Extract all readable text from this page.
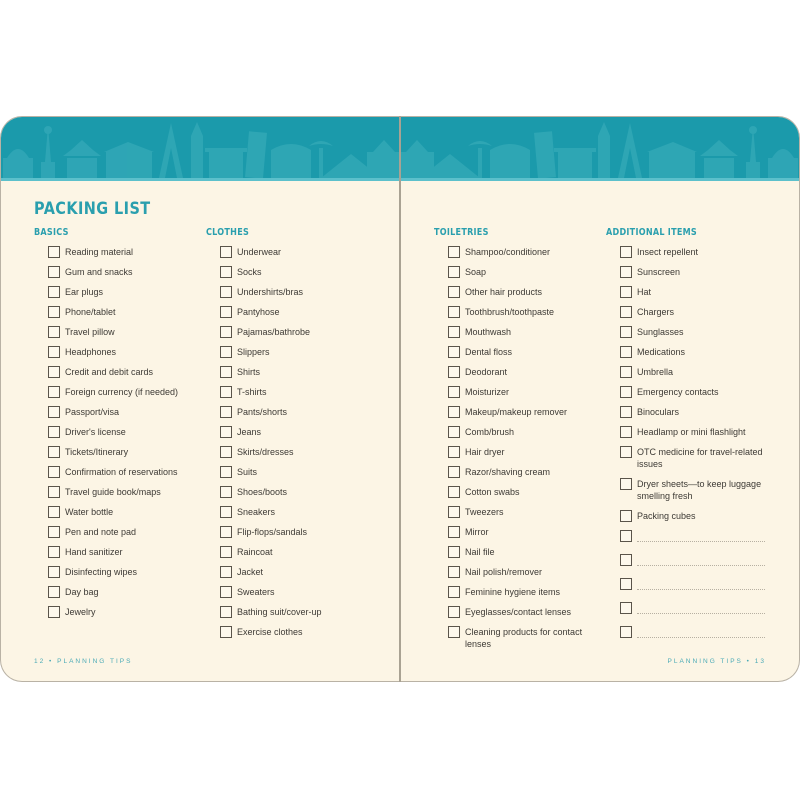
PACKING LIST
BASICS
Reading material
Gum and snacks
Ear plugs
Phone/tablet
Travel pillow
Headphones
Credit and debit cards
Foreign currency (if needed)
Passport/visa
Driver's license
Tickets/Itinerary
Confirmation of reservations
Travel guide book/maps
Water bottle
Pen and note pad
Hand sanitizer
Disinfecting wipes
Day bag
Jewelry
CLOTHES
Underwear
Socks
Undershirts/bras
Pantyhose
Pajamas/bathrobe
Slippers
Shirts
T-shirts
Pants/shorts
Jeans
Skirts/dresses
Suits
Shoes/boots
Sneakers
Flip-flops/sandals
Raincoat
Jacket
Sweaters
Bathing suit/cover-up
Exercise clothes
12 • PLANNING TIPS
TOILETRIES
Shampoo/conditioner
Soap
Other hair products
Toothbrush/toothpaste
Mouthwash
Dental floss
Deodorant
Moisturizer
Makeup/makeup remover
Comb/brush
Hair dryer
Razor/shaving cream
Cotton swabs
Tweezers
Mirror
Nail file
Nail polish/remover
Feminine hygiene items
Eyeglasses/contact lenses
Cleaning products for contact lenses
ADDITIONAL ITEMS
Insect repellent
Sunscreen
Hat
Chargers
Sunglasses
Medications
Umbrella
Emergency contacts
Binoculars
Headlamp or mini flashlight
OTC medicine for travel-related issues
Dryer sheets—to keep luggage smelling fresh
Packing cubes
PLANNING TIPS • 13
